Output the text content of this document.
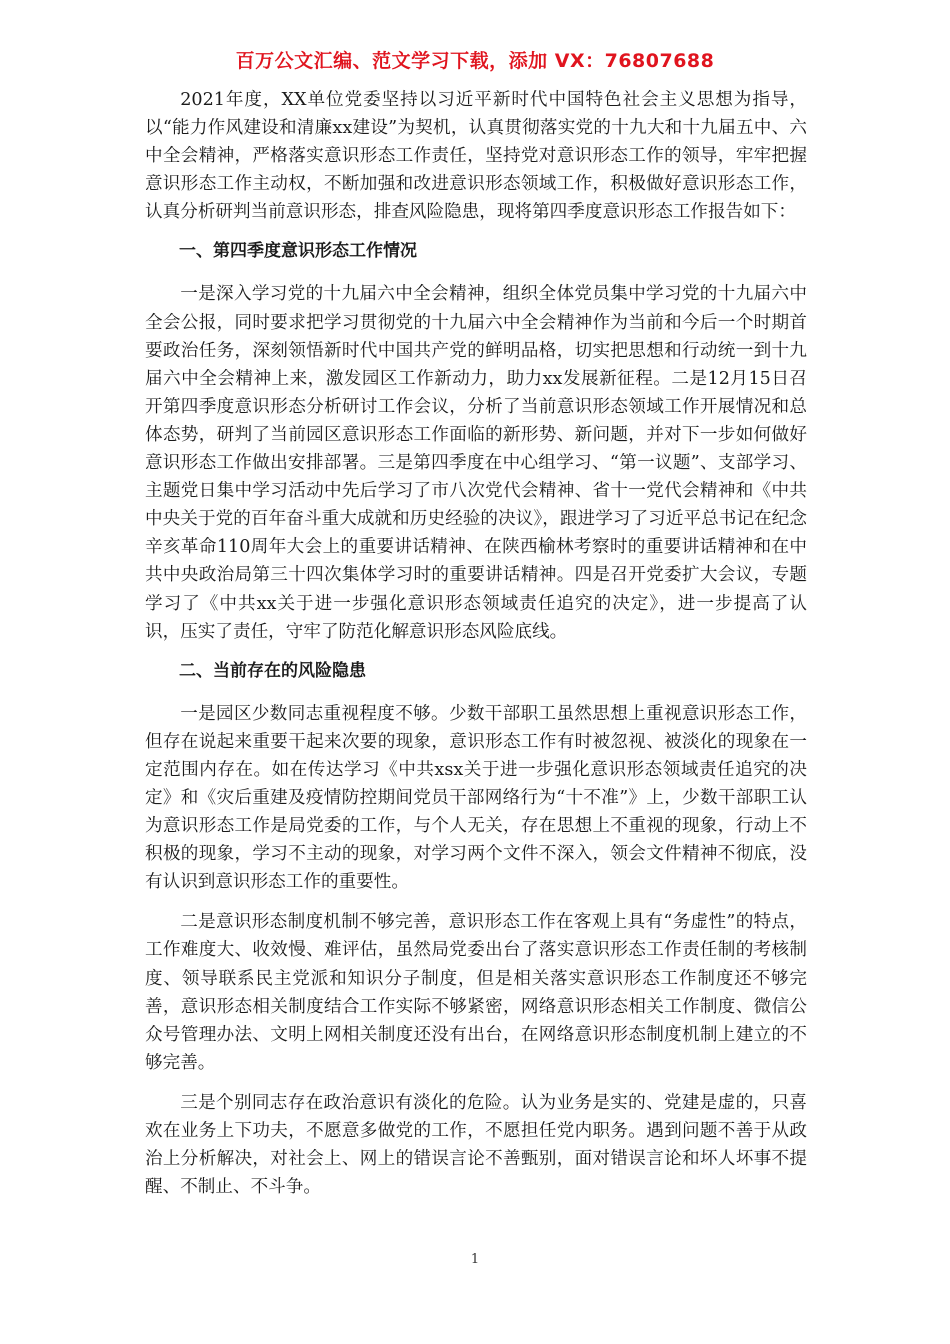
百万公文汇编、范文学习下载，添加 VX：76807688

2021年度，XX单位党委坚持以习近平新时代中国特色社会主义思想为指导，以“能力作风建设和清廉xx建设”为契机，认真贯彻落实党的十九大和十九届五中、六中全会精神，严格落实意识形态工作责任，坚持党对意识形态工作的领导，牢牢把握意识形态工作主动权，不断加强和改进意识形态领域工作，积极做好意识形态工作，认真分析研判当前意识形态，排查风险隐患，现将第四季度意识形态工作报告如下：

一、第四季度意识形态工作情况

一是深入学习党的十九届六中全会精神，组织全体党员集中学习党的十九届六中全会公报，同时要求把学习贯彻党的十九届六中全会精神作为当前和今后一个时期首要政治任务，深刻领悟新时代中国共产党的鲜明品格，切实把思想和行动统一到十九届六中全会精神上来，激发园区工作新动力，助力xx发展新征程。二是12月15日召开第四季度意识形态分析研讨工作会议，分析了当前意识形态领域工作开展情况和总体态势，研判了当前园区意识形态工作面临的新形势、新问题，并对下一步如何做好意识形态工作做出安排部署。三是第四季度在中心组学习、“第一议题”、支部学习、主题党日集中学习活动中先后学习了市八次党代会精神、省十一党代会精神和《中共中央关于党的百年奋斗重大成就和历史经验的决议》，跟进学习了习近平总书记在纪念辛亥革命110周年大会上的重要讲话精神、在陕西榆林考察时的重要讲话精神和在中共中央政治局第三十四次集体学习时的重要讲话精神。四是召开党委扩大会议，专题学习了《中共xx关于进一步强化意识形态领域责任追究的决定》，进一步提高了认识，压实了责任，守牢了防范化解意识形态风险底线。

二、当前存在的风险隐患

一是园区少数同志重视程度不够。少数干部职工虽然思想上重视意识形态工作，但存在说起来重要干起来次要的现象，意识形态工作有时被忽视、被淡化的现象在一定范围内存在。如在传达学习《中共xsx关于进一步强化意识形态领域责任追究的决定》和《灾后重建及疫情防控期间党员干部网络行为“十不准”》上，少数干部职工认为意识形态工作是局党委的工作，与个人无关，存在思想上不重视的现象，行动上不积极的现象，学习不主动的现象，对学习两个文件不深入，领会文件精神不彻底，没有认识到意识形态工作的重要性。

二是意识形态制度机制不够完善，意识形态工作在客观上具有“务虚性”的特点，工作难度大、收效慢、难评估，虽然局党委出台了落实意识形态工作责任制的考核制度、领导联系民主党派和知识分子制度，但是相关落实意识形态工作制度还不够完善，意识形态相关制度结合工作实际不够紧密，网络意识形态相关工作制度、微信公众号管理办法、文明上网相关制度还没有出台，在网络意识形态制度机制上建立的不够完善。

三是个别同志存在政治意识有淡化的危险。认为业务是实的、党建是虚的，只喜欢在业务上下功夫，不愿意多做党的工作，不愿担任党内职务。遇到问题不善于从政治上分析解决，对社会上、网上的错误言论不善甄别，面对错误言论和坏人坏事不提醒、不制止、不斗争。

1
